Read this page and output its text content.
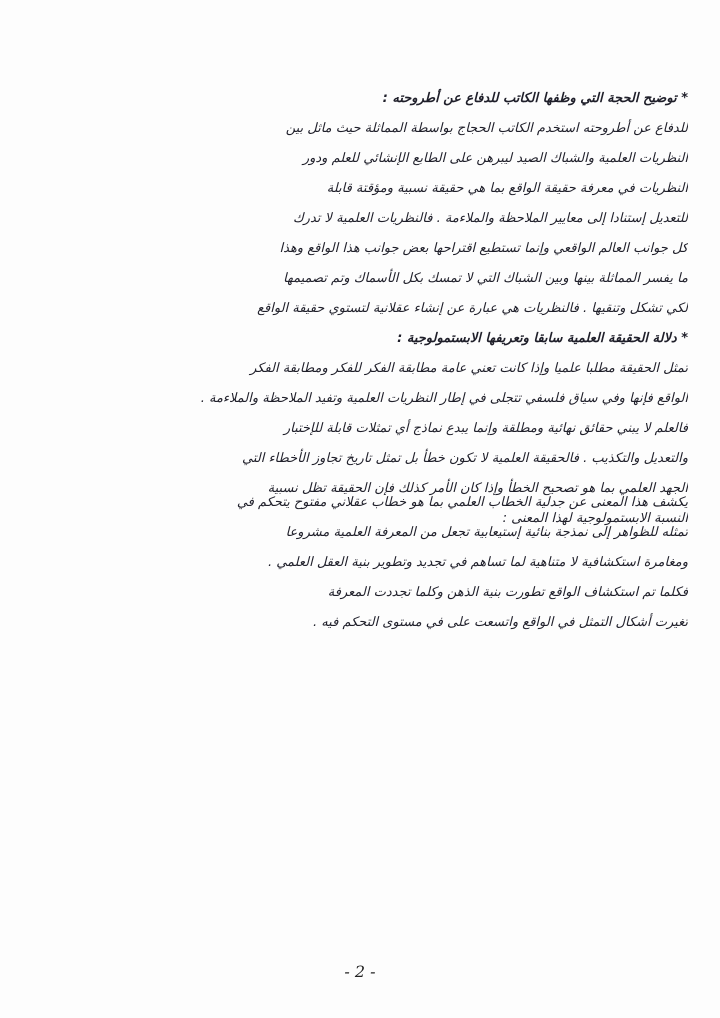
* توضيح الحجة التي وظفها الكاتب للدفاع عن أطروحته :
للدفاع عن أطروحته استخدم الكاتب الحجاج بواسطة المماثلة حيث ماثل بين
النظريات العلمية والشباك الصيد ليبرهن على الطابع الإنشائي للعلم ودور
النظريات في معرفة حقيقة الواقع بما هي حقيقة نسبية ومؤقتة قابلة
للتعديل إستنادا إلى معايير الملاحظة والملاءمة . فالنظريات العلمية لا تدرك
كل جوانب العالم الواقعي وإنما تستطيع اقتراحها بعض جوانب هذا الواقع وهذا
ما يفسر المماثلة بينها وبين الشباك التي لا تمسك بكل الأسماك وتم تصميمها
لكي تشكل وتنقيها . فالنظريات هي عبارة عن إنشاء عقلانية لتستوي حقيقة الواقع
* دلالة الحقيقة العلمية سابقا وتعريفها الابستمولوجية :
تمثل الحقيقة مطلبا علميا وإذا كانت تعني عامة مطابقة الفكر للفكر ومطابقة الفكر
الواقع فإنها وفي سياق فلسفي تتجلى في إطار النظريات العلمية وتفيد الملاحظة والملاءمة .
فالعلم لا يبني حقائق نهائية ومطلقة وإنما يبدع نماذج أي تمثلات قابلة للإختبار
والتعديل والتكذيب . فالحقيقة العلمية لا تكون خطأ بل تمثل تاريخ تجاوز الأخطاء التي
الجهد العلمي بما هو تصحيح الخطأ وإذا كان الأمر كذلك فإن الحقيقة تظل نسبية
النسبة الابستمولوجية لهذا المعنى :
يكشف هذا المعنى عن جدلية الخطاب العلمي بما هو خطاب عقلاني مفتوح يتحكم في
تمثله للظواهر إلى نمذجة بنائية إستيعابية تجعل من المعرفة العلمية مشروعا
ومغامرة استكشافية لا متناهية لما تساهم في تجديد وتطوير بنية العقل العلمي .
فكلما تم استكشاف الواقع تطورت بنية الذهن وكلما تجددت المعرفة
تغيرت أشكال التمثل في الواقع واتسعت على في مستوى التحكم فيه .
- 2 -
